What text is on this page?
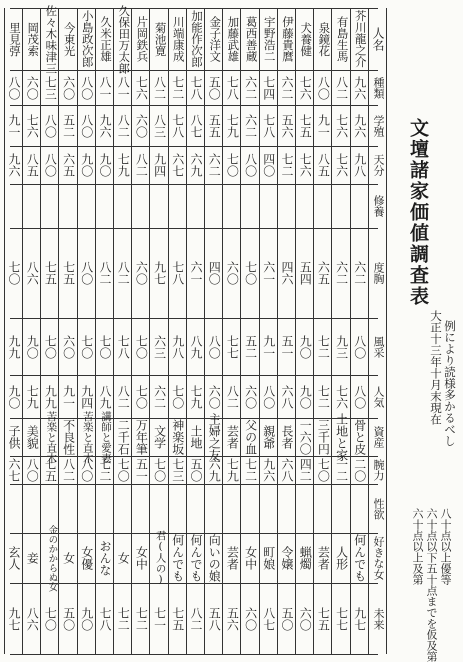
人名
種類
学殖
天分
修養
度胸
風采
人気
資産
腕力
性欲
好きな女
未来
芥川龍之介
九六
九六
九八
六二
八〇
八〇
骨と皮
二〇
何んでも
九七
有島生馬
八二
七六
七六
六二
九三
七六
土地と家
一二
人形
七七
泉鏡花
八〇
九一
八五
六五
七二
七二
三千円
七〇
芸者
七五
犬養健
七六
七五
七六
五四
九〇
九〇
一六〇
四二
蝋燭
六〇
伊藤貴麿
六二
五六
七二
四六
五一
六八
長者
六八
令嬢
五〇
宇野浩二
七四
七八
四〇
六一
九一
八〇
親爺
九六
町娘
八七
葛西善蔵
六二
六二
八〇
七〇
五二
六〇
父の血
七二
女中
六〇
加藤武雄
七八
七九
七〇
六〇
七七
八二
芸者
七九
芸者
五六
金子洋文
五〇
五五
六二
四〇
八〇
六〇
主婦之友
六九
向いの娘
五八
加能作次郎
七八
八七
六九
六一
八九
七九
土地
五〇
何んでも
八二
川端康成
七二
七八
六七
七八
九八
七〇
神楽坂
七三
何んでも
七五
菊池寛
八二
八三
九四
九七
六三
六二
文学
七〇
君(人の)
七一
片岡鉄兵
七六
六〇
八二
六〇
七〇
七〇
万年筆
五一
女中
七二
久保田万太郎
八一
八二
七九
八二
七八
八二
二千石
七〇
女
七二
久米正雄
八一
九六
九〇
八二
七〇
八九
講師と愛妻
七二
おんな
七八
小島政次郎
八〇
八〇
九〇
八〇
七〇
九四
苦楽と直木
八〇
女優
九〇
今東光
六〇
五二
六五
七五
六〇
九一
不良性
八二
女
五〇
佐々木味津三
七三
八〇
八〇
七五
七〇
九九
苦楽と直木
七五
金のかからぬ女
七〇
岡茂索
六〇
七六
八五
八六
九〇
七九
美貌
八〇
妾
八六
里見弴
八〇
九一
九六
七〇
九九
九〇
子供
六七
玄人
九七
文壇諸家価値調査表
大正十三年十月末現在 例により読様多かるべし
六十点以上及第 六十点以下五十点までを仮及第 八十点以上優等
